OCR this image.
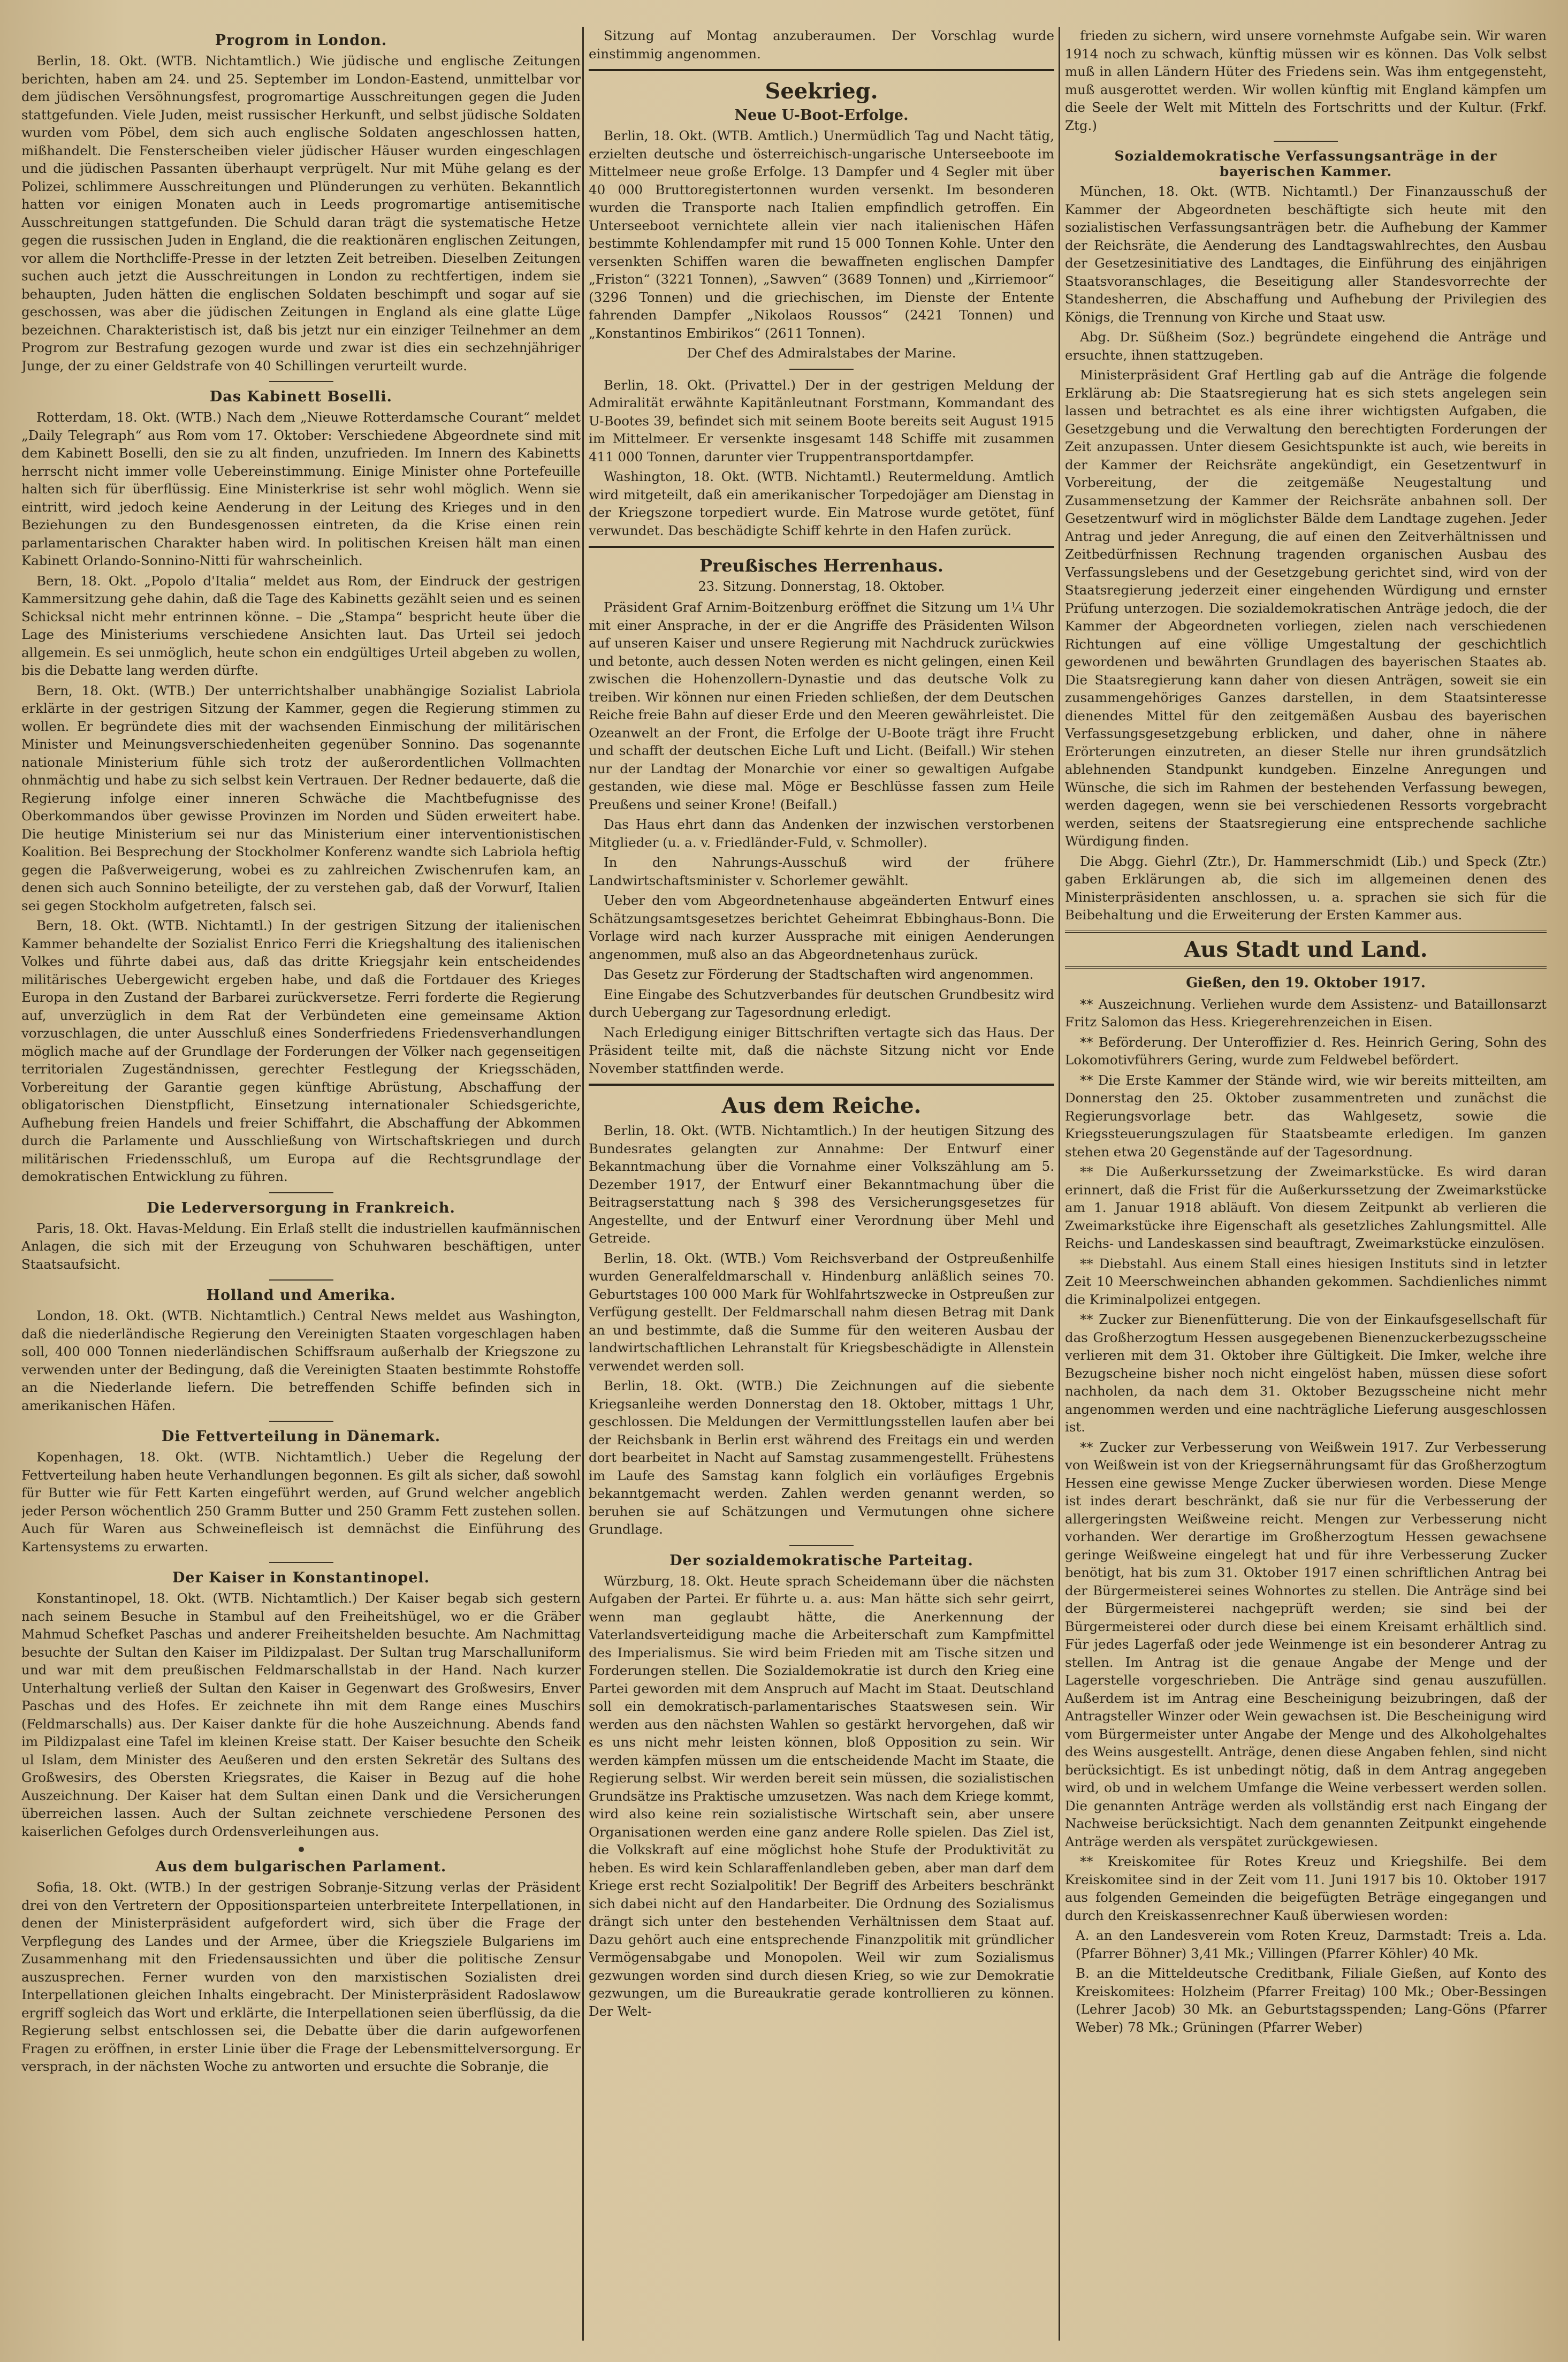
Progrom in London.

Berlin, 18. Okt. (WTB. Nichtamtlich.) Wie jüdische und englische Zeitungen berichten, haben am 24. und 25. September im London-Eastend, unmittelbar vor dem jüdischen Versöhnungsfest, progromartige Ausschreitungen gegen die Juden stattgefunden. Viele Juden, meist russischer Herkunft, und selbst jüdische Soldaten wurden vom Pöbel, dem sich auch englische Soldaten angeschlossen hatten, mißhandelt. Die Fensterscheiben vieler jüdischer Häuser wurden eingeschlagen und die jüdischen Passanten überhaupt verprügelt. Nur mit Mühe gelang es der Polizei, schlimmere Ausschreitungen und Plünderungen zu verhüten. Bekanntlich hatten vor einigen Monaten auch in Leeds progromartige antisemitische Ausschreitungen stattgefunden. Die Schuld daran trägt die systematische Hetze gegen die russischen Juden in England, die die reaktionären englischen Zeitungen, vor allem die Northcliffe-Presse in der letzten Zeit betreiben. Dieselben Zeitungen suchen auch jetzt die Ausschreitungen in London zu rechtfertigen, indem sie behaupten, Juden hätten die englischen Soldaten beschimpft und sogar auf sie geschossen, was aber die jüdischen Zeitungen in England als eine glatte Lüge bezeichnen. Charakteristisch ist, daß bis jetzt nur ein einziger Teilnehmer an dem Progrom zur Bestrafung gezogen wurde und zwar ist dies ein sechzehnjähriger Junge, der zu einer Geldstrafe von 40 Schillingen verurteilt wurde.

Das Kabinett Boselli.

Rotterdam, 18. Okt. (WTB.) Nach dem „Nieuwe Rotterdamsche Courant“ meldet „Daily Telegraph“ aus Rom vom 17. Oktober: Verschiedene Abgeordnete sind mit dem Kabinett Boselli, den sie zu alt finden, unzufrieden. Im Innern des Kabinetts herrscht nicht immer volle Uebereinstimmung. Einige Minister ohne Portefeuille halten sich für überflüssig. Eine Ministerkrise ist sehr wohl möglich. Wenn sie eintritt, wird jedoch keine Aenderung in der Leitung des Krieges und in den Beziehungen zu den Bundesgenossen eintreten, da die Krise einen rein parlamentarischen Charakter haben wird. In politischen Kreisen hält man einen Kabinett Orlando-Sonnino-Nitti für wahrscheinlich.

Bern, 18. Okt. „Popolo d'Italia“ meldet aus Rom, der Eindruck der gestrigen Kammersitzung gehe dahin, daß die Tage des Kabinetts gezählt seien und es seinen Schicksal nicht mehr entrinnen könne. – Die „Stampa“ bespricht heute über die Lage des Ministeriums verschiedene Ansichten laut. Das Urteil sei jedoch allgemein. Es sei unmöglich, heute schon ein endgültiges Urteil abgeben zu wollen, bis die Debatte lang werden dürfte.

Bern, 18. Okt. (WTB.) Der unterrichtshalber unabhängige Sozialist Labriola erklärte in der gestrigen Sitzung der Kammer, gegen die Regierung stimmen zu wollen. Er begründete dies mit der wachsenden Einmischung der militärischen Minister und Meinungsverschiedenheiten gegenüber Sonnino. Das sogenannte nationale Ministerium fühle sich trotz der außerordentlichen Vollmachten ohnmächtig und habe zu sich selbst kein Vertrauen. Der Redner bedauerte, daß die Regierung infolge einer inneren Schwäche die Machtbefugnisse des Oberkommandos über gewisse Provinzen im Norden und Süden erweitert habe. Die heutige Ministerium sei nur das Ministerium einer interventionistischen Koalition. Bei Besprechung der Stockholmer Konferenz wandte sich Labriola heftig gegen die Paßverweigerung, wobei es zu zahlreichen Zwischenrufen kam, an denen sich auch Sonnino beteiligte, der zu verstehen gab, daß der Vorwurf, Italien sei gegen Stockholm aufgetreten, falsch sei.

Bern, 18. Okt. (WTB. Nichtamtl.) In der gestrigen Sitzung der italienischen Kammer behandelte der Sozialist Enrico Ferri die Kriegshaltung des italienischen Volkes und führte dabei aus, daß das dritte Kriegsjahr kein entscheidendes militärisches Uebergewicht ergeben habe, und daß die Fortdauer des Krieges Europa in den Zustand der Barbarei zurückversetze. Ferri forderte die Regierung auf, unverzüglich in dem Rat der Verbündeten eine gemeinsame Aktion vorzuschlagen, die unter Ausschluß eines Sonderfriedens Friedensverhandlungen möglich mache auf der Grundlage der Forderungen der Völker nach gegenseitigen territorialen Zugeständnissen, gerechter Festlegung der Kriegsschäden, Vorbereitung der Garantie gegen künftige Abrüstung, Abschaffung der obligatorischen Dienstpflicht, Einsetzung internationaler Schiedsgerichte, Aufhebung freien Handels und freier Schiffahrt, die Abschaffung der Abkommen durch die Parlamente und Ausschließung von Wirtschaftskriegen und durch militärischen Friedensschluß, um Europa auf die Rechtsgrundlage der demokratischen Entwicklung zu führen.

Die Lederversorgung in Frankreich.

Paris, 18. Okt. Havas-Meldung. Ein Erlaß stellt die industriellen kaufmännischen Anlagen, die sich mit der Erzeugung von Schuhwaren beschäftigen, unter Staatsaufsicht.

Holland und Amerika.

London, 18. Okt. (WTB. Nichtamtlich.) Central News meldet aus Washington, daß die niederländische Regierung den Vereinigten Staaten vorgeschlagen haben soll, 400 000 Tonnen niederländischen Schiffsraum außerhalb der Kriegszone zu verwenden unter der Bedingung, daß die Vereinigten Staaten bestimmte Rohstoffe an die Niederlande liefern. Die betreffenden Schiffe befinden sich in amerikanischen Häfen.

Die Fettverteilung in Dänemark.

Kopenhagen, 18. Okt. (WTB. Nichtamtlich.) Ueber die Regelung der Fettverteilung haben heute Verhandlungen begonnen. Es gilt als sicher, daß sowohl für Butter wie für Fett Karten eingeführt werden, auf Grund welcher angeblich jeder Person wöchentlich 250 Gramm Butter und 250 Gramm Fett zustehen sollen. Auch für Waren aus Schweinefleisch ist demnächst die Einführung des Kartensystems zu erwarten.

Der Kaiser in Konstantinopel.

Konstantinopel, 18. Okt. (WTB. Nichtamtlich.) Der Kaiser begab sich gestern nach seinem Besuche in Stambul auf den Freiheitshügel, wo er die Gräber Mahmud Schefket Paschas und anderer Freiheitshelden besuchte. Am Nachmittag besuchte der Sultan den Kaiser im Pildizpalast. Der Sultan trug Marschalluniform und war mit dem preußischen Feldmarschallstab in der Hand. Nach kurzer Unterhaltung verließ der Sultan den Kaiser in Gegenwart des Großwesirs, Enver Paschas und des Hofes. Er zeichnete ihn mit dem Range eines Muschirs (Feldmarschalls) aus. Der Kaiser dankte für die hohe Auszeichnung. Abends fand im Pildizpalast eine Tafel im kleinen Kreise statt. Der Kaiser besuchte den Scheik ul Islam, dem Minister des Aeußeren und den ersten Sekretär des Sultans des Großwesirs, des Obersten Kriegsrates, die Kaiser in Bezug auf die hohe Auszeichnung. Der Kaiser hat dem Sultan einen Dank und die Versicherungen überreichen lassen. Auch der Sultan zeichnete verschiedene Personen des kaiserlichen Gefolges durch Ordensverleihungen aus.

Aus dem bulgarischen Parlament.

Sofia, 18. Okt. (WTB.) In der gestrigen Sobranje-Sitzung verlas der Präsident drei von den Vertretern der Oppositionsparteien unterbreitete Interpellationen, in denen der Ministerpräsident aufgefordert wird, sich über die Frage der Verpflegung des Landes und der Armee, über die Kriegsziele Bulgariens im Zusammenhang mit den Friedensaussichten und über die politische Zensur auszusprechen. Ferner wurden von den marxistischen Sozialisten drei Interpellationen gleichen Inhalts eingebracht. Der Ministerpräsident Radoslawow ergriff sogleich das Wort und erklärte, die Interpellationen seien überflüssig, da die Regierung selbst entschlossen sei, die Debatte über die darin aufgeworfenen Fragen zu eröffnen, in erster Linie über die Frage der Lebensmittelversorgung. Er versprach, in der nächsten Woche zu antworten und ersuchte die Sobranje, die

Sitzung auf Montag anzuberaumen. Der Vorschlag wurde einstimmig angenommen.

Seekrieg.
Neue U-Boot-Erfolge.

Berlin, 18. Okt. (WTB. Amtlich.) Unermüdlich Tag und Nacht tätig, erzielten deutsche und österreichisch-ungarische Unterseeboote im Mittelmeer neue große Erfolge. 13 Dampfer und 4 Segler mit über 40 000 Bruttoregistertonnen wurden versenkt. Im besonderen wurden die Transporte nach Italien empfindlich getroffen. Ein Unterseeboot vernichtete allein vier nach italienischen Häfen bestimmte Kohlendampfer mit rund 15 000 Tonnen Kohle. Unter den versenkten Schiffen waren die bewaffneten englischen Dampfer „Friston“ (3221 Tonnen), „Sawven“ (3689 Tonnen) und „Kirriemoor“ (3296 Tonnen) und die griechischen, im Dienste der Entente fahrenden Dampfer „Nikolaos Roussos“ (2421 Tonnen) und „Konstantinos Embirikos“ (2611 Tonnen).

Der Chef des Admiralstabes der Marine.

Berlin, 18. Okt. (Privattel.) Der in der gestrigen Meldung der Admiralität erwähnte Kapitänleutnant Forstmann, Kommandant des U-Bootes 39, befindet sich mit seinem Boote bereits seit August 1915 im Mittelmeer. Er versenkte insgesamt 148 Schiffe mit zusammen 411 000 Tonnen, darunter vier Truppentransportdampfer.

Washington, 18. Okt. (WTB. Nichtamtl.) Reutermeldung. Amtlich wird mitgeteilt, daß ein amerikanischer Torpedojäger am Dienstag in der Kriegszone torpediert wurde. Ein Matrose wurde getötet, fünf verwundet. Das beschädigte Schiff kehrte in den Hafen zurück.

Preußisches Herrenhaus.
23. Sitzung. Donnerstag, 18. Oktober.

Präsident Graf Arnim-Boitzenburg eröffnet die Sitzung um 1¼ Uhr mit einer Ansprache, in der er die Angriffe des Präsidenten Wilson auf unseren Kaiser und unsere Regierung mit Nachdruck zurückwies und betonte, auch dessen Noten werden es nicht gelingen, einen Keil zwischen die Hohenzollern-Dynastie und das deutsche Volk zu treiben. Wir können nur einen Frieden schließen, der dem Deutschen Reiche freie Bahn auf dieser Erde und den Meeren gewährleistet. Die Ozeanwelt an der Front, die Erfolge der U-Boote trägt ihre Frucht und schafft der deutschen Eiche Luft und Licht. (Beifall.) Wir stehen nur der Landtag der Monarchie vor einer so gewaltigen Aufgabe gestanden, wie diese mal. Möge er Beschlüsse fassen zum Heile Preußens und seiner Krone! (Beifall.)

Das Haus ehrt dann das Andenken der inzwischen verstorbenen Mitglieder (u. a. v. Friedländer-Fuld, v. Schmoller).

In den Nahrungs-Ausschuß wird der frühere Landwirtschaftsminister v. Schorlemer gewählt.

Ueber den vom Abgeordnetenhause abgeänderten Entwurf eines Schätzungsamtsgesetzes berichtet Geheimrat Ebbinghaus-Bonn. Die Vorlage wird nach kurzer Aussprache mit einigen Aenderungen angenommen, muß also an das Abgeordnetenhaus zurück.

Das Gesetz zur Förderung der Stadtschaften wird angenommen.

Eine Eingabe des Schutzverbandes für deutschen Grundbesitz wird durch Uebergang zur Tagesordnung erledigt.

Nach Erledigung einiger Bittschriften vertagte sich das Haus. Der Präsident teilte mit, daß die nächste Sitzung nicht vor Ende November stattfinden werde.

Aus dem Reiche.

Berlin, 18. Okt. (WTB. Nichtamtlich.) In der heutigen Sitzung des Bundesrates gelangten zur Annahme: Der Entwurf einer Bekanntmachung über die Vornahme einer Volkszählung am 5. Dezember 1917, der Entwurf einer Bekanntmachung über die Beitragserstattung nach § 398 des Versicherungsgesetzes für Angestellte, und der Entwurf einer Verordnung über Mehl und Getreide.

Berlin, 18. Okt. (WTB.) Vom Reichsverband der Ostpreußenhilfe wurden Generalfeldmarschall v. Hindenburg anläßlich seines 70. Geburtstages 100 000 Mark für Wohlfahrtszwecke in Ostpreußen zur Verfügung gestellt. Der Feldmarschall nahm diesen Betrag mit Dank an und bestimmte, daß die Summe für den weiteren Ausbau der landwirtschaftlichen Lehranstalt für Kriegsbeschädigte in Allenstein verwendet werden soll.

Berlin, 18. Okt. (WTB.) Die Zeichnungen auf die siebente Kriegsanleihe werden Donnerstag den 18. Oktober, mittags 1 Uhr, geschlossen. Die Meldungen der Vermittlungsstellen laufen aber bei der Reichsbank in Berlin erst während des Freitags ein und werden dort bearbeitet in Nacht auf Samstag zusammengestellt. Frühestens im Laufe des Samstag kann folglich ein vorläufiges Ergebnis bekanntgemacht werden. Zahlen werden genannt werden, so beruhen sie auf Schätzungen und Vermutungen ohne sichere Grundlage.

Der sozialdemokratische Parteitag.

Würzburg, 18. Okt. Heute sprach Scheidemann über die nächsten Aufgaben der Partei. Er führte u. a. aus: Man hätte sich sehr geirrt, wenn man geglaubt hätte, die Anerkennung der Vaterlandsverteidigung mache die Arbeiterschaft zum Kampfmittel des Imperialismus. Sie wird beim Frieden mit am Tische sitzen und Forderungen stellen. Die Sozialdemokratie ist durch den Krieg eine Partei geworden mit dem Anspruch auf Macht im Staat. Deutschland soll ein demokratisch-parlamentarisches Staatswesen sein. Wir werden aus den nächsten Wahlen so gestärkt hervorgehen, daß wir es uns nicht mehr leisten können, bloß Opposition zu sein. Wir werden kämpfen müssen um die entscheidende Macht im Staate, die Regierung selbst. Wir werden bereit sein müssen, die sozialistischen Grundsätze ins Praktische umzusetzen. Was nach dem Kriege kommt, wird also keine rein sozialistische Wirtschaft sein, aber unsere Organisationen werden eine ganz andere Rolle spielen. Das Ziel ist, die Volkskraft auf eine möglichst hohe Stufe der Produktivität zu heben. Es wird kein Schlaraffenlandleben geben, aber man darf dem Kriege erst recht Sozialpolitik! Der Begriff des Arbeiters beschränkt sich dabei nicht auf den Handarbeiter. Die Ordnung des Sozialismus drängt sich unter den bestehenden Verhältnissen dem Staat auf. Dazu gehört auch eine entsprechende Finanzpolitik mit gründlicher Vermögensabgabe und Monopolen. Weil wir zum Sozialismus gezwungen worden sind durch diesen Krieg, so wie zur Demokratie gezwungen, um die Bureaukratie gerade kontrollieren zu können. Der Welt-

frieden zu sichern, wird unsere vornehmste Aufgabe sein. Wir waren 1914 noch zu schwach, künftig müssen wir es können. Das Volk selbst muß in allen Ländern Hüter des Friedens sein. Was ihm entgegensteht, muß ausgerottet werden. Wir wollen künftig mit England kämpfen um die Seele der Welt mit Mitteln des Fortschritts und der Kultur. (Frkf. Ztg.)

Sozialdemokratische Verfassungsanträge in der bayerischen Kammer.

München, 18. Okt. (WTB. Nichtamtl.) Der Finanzausschuß der Kammer der Abgeordneten beschäftigte sich heute mit den sozialistischen Verfassungsanträgen betr. die Aufhebung der Kammer der Reichsräte, die Aenderung des Landtagswahlrechtes, den Ausbau der Gesetzesinitiative des Landtages, die Einführung des einjährigen Staatsvoranschlages, die Beseitigung aller Standesvorrechte der Standesherren, die Abschaffung und Aufhebung der Privilegien des Königs, die Trennung von Kirche und Staat usw.

Abg. Dr. Süßheim (Soz.) begründete eingehend die Anträge und ersuchte, ihnen stattzugeben.

Ministerpräsident Graf Hertling gab auf die Anträge die folgende Erklärung ab: Die Staatsregierung hat es sich stets angelegen sein lassen und betrachtet es als eine ihrer wichtigsten Aufgaben, die Gesetzgebung und die Verwaltung den berechtigten Forderungen der Zeit anzupassen. Unter diesem Gesichtspunkte ist auch, wie bereits in der Kammer der Reichsräte angekündigt, ein Gesetzentwurf in Vorbereitung, der die zeitgemäße Neugestaltung und Zusammensetzung der Kammer der Reichsräte anbahnen soll. Der Gesetzentwurf wird in möglichster Bälde dem Landtage zugehen. Jeder Antrag und jeder Anregung, die auf einen den Zeitverhältnissen und Zeitbedürfnissen Rechnung tragenden organischen Ausbau des Verfassungslebens und der Gesetzgebung gerichtet sind, wird von der Staatsregierung jederzeit einer eingehenden Würdigung und ernster Prüfung unterzogen. Die sozialdemokratischen Anträge jedoch, die der Kammer der Abgeordneten vorliegen, zielen nach verschiedenen Richtungen auf eine völlige Umgestaltung der geschichtlich gewordenen und bewährten Grundlagen des bayerischen Staates ab. Die Staatsregierung kann daher von diesen Anträgen, soweit sie ein zusammengehöriges Ganzes darstellen, in dem Staatsinteresse dienendes Mittel für den zeitgemäßen Ausbau des bayerischen Verfassungsgesetzgebung erblicken, und daher, ohne in nähere Erörterungen einzutreten, an dieser Stelle nur ihren grundsätzlich ablehnenden Standpunkt kundgeben. Einzelne Anregungen und Wünsche, die sich im Rahmen der bestehenden Verfassung bewegen, werden dagegen, wenn sie bei verschiedenen Ressorts vorgebracht werden, seitens der Staatsregierung eine entsprechende sachliche Würdigung finden.

Die Abgg. Giehrl (Ztr.), Dr. Hammerschmidt (Lib.) und Speck (Ztr.) gaben Erklärungen ab, die sich im allgemeinen denen des Ministerpräsidenten anschlossen, u. a. sprachen sie sich für die Beibehaltung und die Erweiterung der Ersten Kammer aus.

Aus Stadt und Land.
Gießen, den 19. Oktober 1917.

** Auszeichnung. Verliehen wurde dem Assistenz- und Bataillonsarzt Fritz Salomon das Hess. Kriegerehrenzeichen in Eisen.

** Beförderung. Der Unteroffizier d. Res. Heinrich Gering, Sohn des Lokomotivführers Gering, wurde zum Feldwebel befördert.

** Die Erste Kammer der Stände wird, wie wir bereits mitteilten, am Donnerstag den 25. Oktober zusammentreten und zunächst die Regierungsvorlage betr. das Wahlgesetz, sowie die Kriegssteuerungszulagen für Staatsbeamte erledigen. Im ganzen stehen etwa 20 Gegenstände auf der Tagesordnung.

** Die Außerkurssetzung der Zweimarkstücke. Es wird daran erinnert, daß die Frist für die Außerkurssetzung der Zweimarkstücke am 1. Januar 1918 abläuft. Von diesem Zeitpunkt ab verlieren die Zweimarkstücke ihre Eigenschaft als gesetzliches Zahlungsmittel. Alle Reichs- und Landeskassen sind beauftragt, Zweimarkstücke einzulösen.

** Diebstahl. Aus einem Stall eines hiesigen Instituts sind in letzter Zeit 10 Meerschweinchen abhanden gekommen. Sachdienliches nimmt die Kriminalpolizei entgegen.

** Zucker zur Bienenfütterung. Die von der Einkaufsgesellschaft für das Großherzogtum Hessen ausgegebenen Bienenzuckerbezugsscheine verlieren mit dem 31. Oktober ihre Gültigkeit. Die Imker, welche ihre Bezugscheine bisher noch nicht eingelöst haben, müssen diese sofort nachholen, da nach dem 31. Oktober Bezugsscheine nicht mehr angenommen werden und eine nachträgliche Lieferung ausgeschlossen ist.

** Zucker zur Verbesserung von Weißwein 1917. Zur Verbesserung von Weißwein ist von der Kriegsernährungsamt für das Großherzogtum Hessen eine gewisse Menge Zucker überwiesen worden. Diese Menge ist indes derart beschränkt, daß sie nur für die Verbesserung der allergeringsten Weißweine reicht. Mengen zur Verbesserung nicht vorhanden. Wer derartige im Großherzogtum Hessen gewachsene geringe Weißweine eingelegt hat und für ihre Verbesserung Zucker benötigt, hat bis zum 31. Oktober 1917 einen schriftlichen Antrag bei der Bürgermeisterei seines Wohnortes zu stellen. Die Anträge sind bei der Bürgermeisterei nachgeprüft werden; sie sind bei der Bürgermeisterei oder durch diese bei einem Kreisamt erhältlich sind. Für jedes Lagerfaß oder jede Weinmenge ist ein besonderer Antrag zu stellen. Im Antrag ist die genaue Angabe der Menge und der Lagerstelle vorgeschrieben. Die Anträge sind genau auszufüllen. Außerdem ist im Antrag eine Bescheinigung beizubringen, daß der Antragsteller Winzer oder Wein gewachsen ist. Die Bescheinigung wird vom Bürgermeister unter Angabe der Menge und des Alkoholgehaltes des Weins ausgestellt. Anträge, denen diese Angaben fehlen, sind nicht berücksichtigt. Es ist unbedingt nötig, daß in dem Antrag angegeben wird, ob und in welchem Umfange die Weine verbessert werden sollen. Die genannten Anträge werden als vollständig erst nach Eingang der Nachweise berücksichtigt. Nach dem genannten Zeitpunkt eingehende Anträge werden als verspätet zurückgewiesen.

** Kreiskomitee für Rotes Kreuz und Kriegshilfe. Bei dem Kreiskomitee sind in der Zeit vom 11. Juni 1917 bis 10. Oktober 1917 aus folgenden Gemeinden die beigefügten Beträge eingegangen und durch den Kreiskassenrechner Kauß überwiesen worden:

A. an den Landesverein vom Roten Kreuz, Darmstadt: Treis a. Lda. (Pfarrer Böhner) 3,41 Mk.; Villingen (Pfarrer Köhler) 40 Mk.

B. an die Mitteldeutsche Creditbank, Filiale Gießen, auf Konto des Kreiskomitees: Holzheim (Pfarrer Freitag) 100 Mk.; Ober-Bessingen (Lehrer Jacob) 30 Mk. an Geburtstagsspenden; Lang-Göns (Pfarrer Weber) 78 Mk.; Grüningen (Pfarrer Weber)
